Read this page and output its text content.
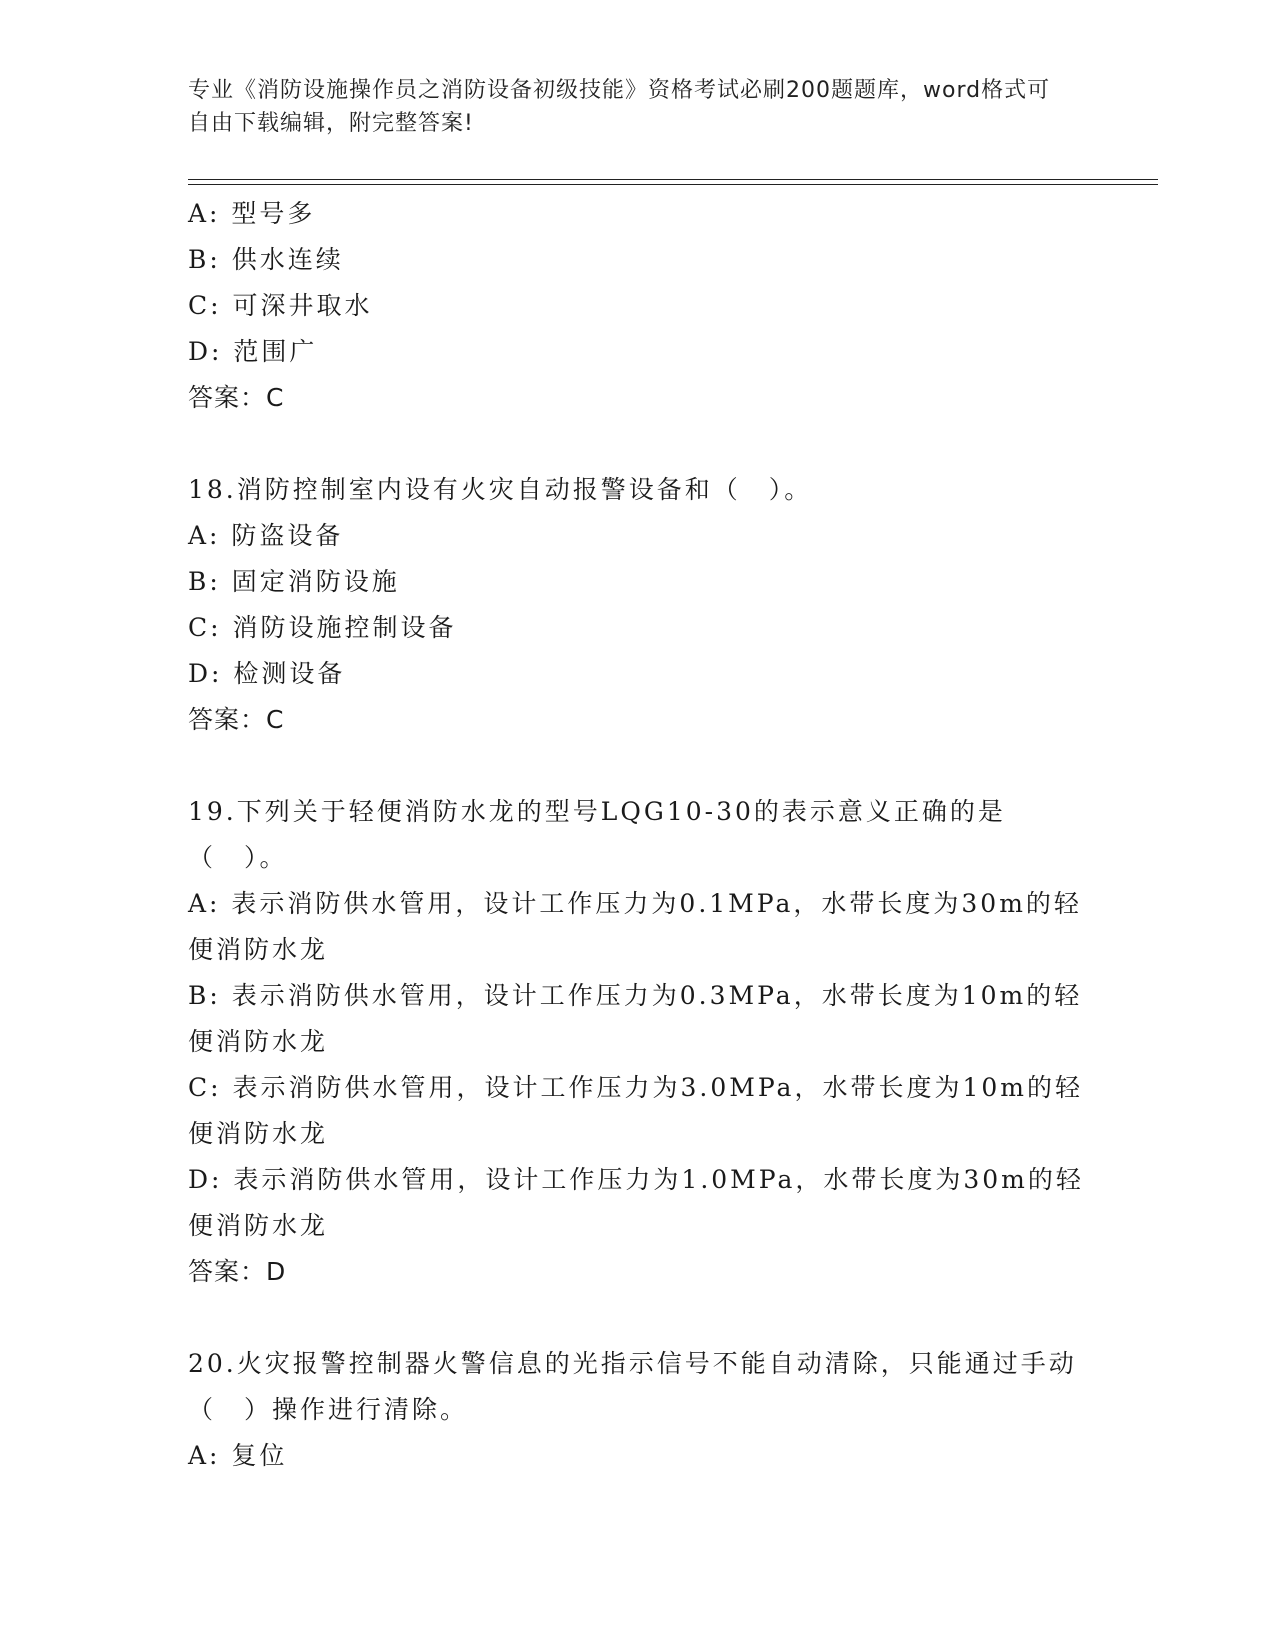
专业《消防设施操作员之消防设备初级技能》资格考试必刷200题题库，word格式可自由下载编辑，附完整答案!
A: 型号多
B: 供水连续
C: 可深井取水
D: 范围广
答案：C
18.消防控制室内设有火灾自动报警设备和（　）。
A: 防盗设备
B: 固定消防设施
C: 消防设施控制设备
D: 检测设备
答案：C
19.下列关于轻便消防水龙的型号LQG10-30的表示意义正确的是（　）。
A: 表示消防供水管用，设计工作压力为0.1MPa，水带长度为30m的轻便消防水龙
B: 表示消防供水管用，设计工作压力为0.3MPa，水带长度为10m的轻便消防水龙
C: 表示消防供水管用，设计工作压力为3.0MPa，水带长度为10m的轻便消防水龙
D: 表示消防供水管用，设计工作压力为1.0MPa，水带长度为30m的轻便消防水龙
答案：D
20.火灾报警控制器火警信息的光指示信号不能自动清除，只能通过手动（　）操作进行清除。
A: 复位
